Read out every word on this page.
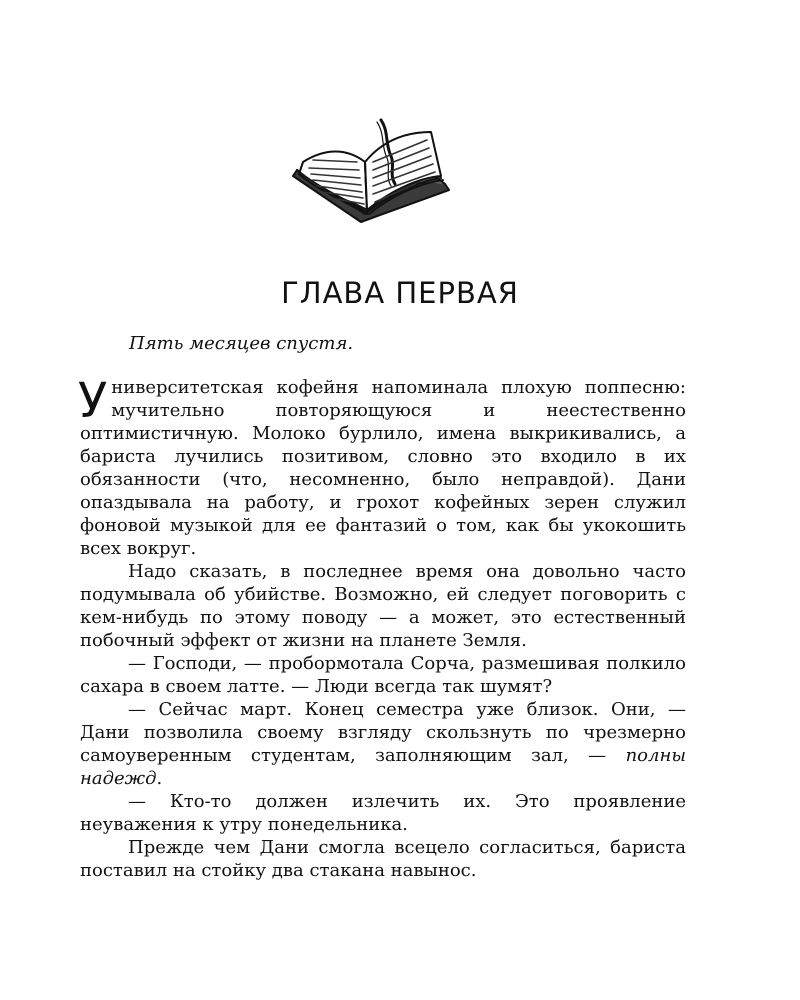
ГЛАВА ПЕРВАЯ

Пять месяцев спустя.

Университетская кофейня напоминала плохую поппесню: мучительно повторяющуюся и неестественно оптимистичную. Молоко бурлило, имена выкрикивались, а бариста лучились позитивом, словно это входило в их обязанности (что, несомненно, было неправдой). Дани опаздывала на работу, и грохот кофейных зерен служил фоновой музыкой для ее фантазий о том, как бы укокошить всех вокруг.

Надо сказать, в последнее время она довольно часто подумывала об убийстве. Возможно, ей следует поговорить с кем-нибудь по этому поводу — а может, это естественный побочный эффект от жизни на планете Земля.

— Господи, — пробормотала Сорча, размешивая полкило сахара в своем латте. — Люди всегда так шумят?

— Сейчас март. Конец семестра уже близок. Они, — Дани позволила своему взгляду скользнуть по чрезмерно самоуверенным студентам, заполняющим зал, — полны надежд.

— Кто-то должен излечить их. Это проявление неуважения к утру понедельника.

Прежде чем Дани смогла всецело согласиться, бариста поставил на стойку два стакана навынос.
